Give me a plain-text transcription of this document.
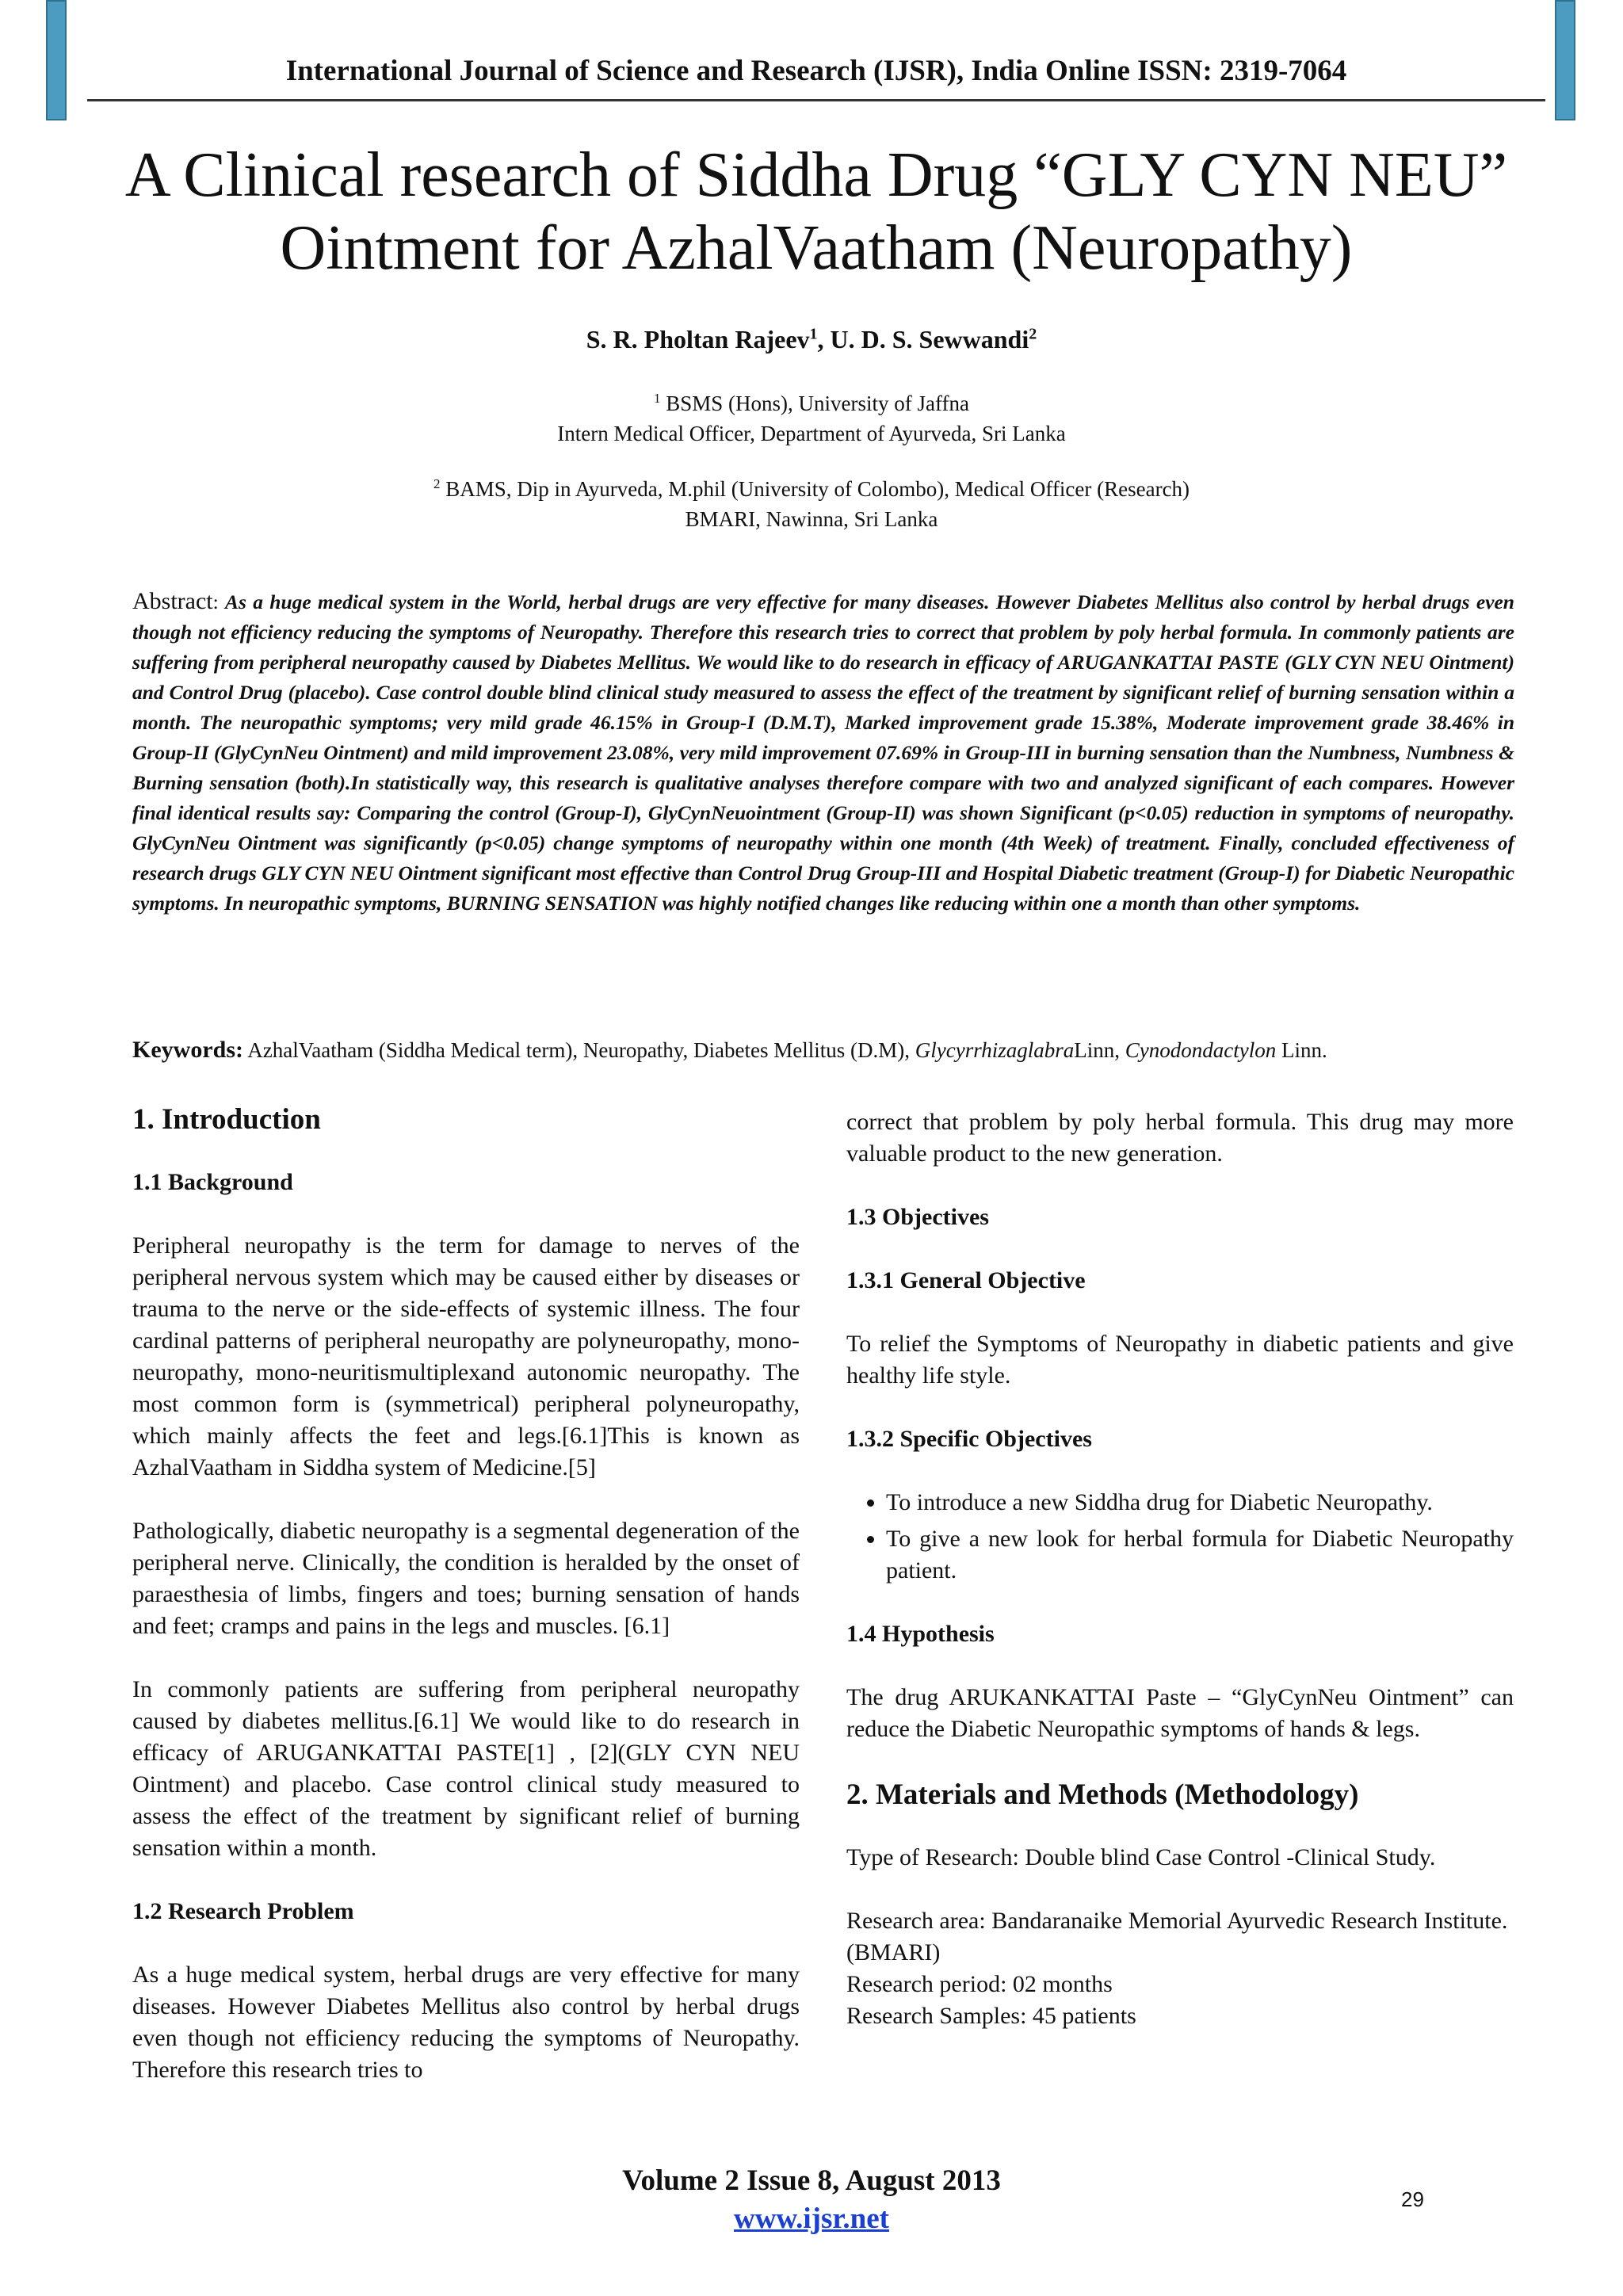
International Journal of Science and Research (IJSR), India Online ISSN: 2319-7064
A Clinical research of Siddha Drug “GLY CYN NEU” Ointment for AzhalVaatham (Neuropathy)
S. R. Pholtan Rajeev$^1$, U. D. S. Sewwandi$^2$
$^1$ BSMS (Hons), University of Jaffna
Intern Medical Officer, Department of Ayurveda, Sri Lanka
$^2$ BAMS, Dip in Ayurveda, M.phil (University of Colombo), Medical Officer (Research)
BMARI, Nawinna, Sri Lanka

Abstract: As a huge medical system in the World, herbal drugs are very effective for many diseases. However Diabetes Mellitus also control by herbal drugs even though not efficiency reducing the symptoms of Neuropathy. Therefore this research tries to correct that problem by poly herbal formula. In commonly patients are suffering from peripheral neuropathy caused by Diabetes Mellitus. We would like to do research in efficacy of ARUGANKATTAI PASTE (GLY CYN NEU Ointment) and Control Drug (placebo). Case control double blind clinical study measured to assess the effect of the treatment by significant relief of burning sensation within a month. The neuropathic symptoms; very mild grade 46.15% in Group-I (D.M.T), Marked improvement grade 15.38%, Moderate improvement grade 38.46% in Group-II (GlyCynNeu Ointment) and mild improvement 23.08%, very mild improvement 07.69% in Group-III in burning sensation than the Numbness, Numbness & Burning sensation (both).In statistically way, this research is qualitative analyses therefore compare with two and analyzed significant of each compares. However final identical results say: Comparing the control (Group-I), GlyCynNeuointment (Group-II) was shown Significant (p<0.05) reduction in symptoms of neuropathy. GlyCynNeu Ointment was significantly (p<0.05) change symptoms of neuropathy within one month (4th Week) of treatment. Finally, concluded effectiveness of research drugs GLY CYN NEU Ointment significant most effective than Control Drug Group-III and Hospital Diabetic treatment (Group-I) for Diabetic Neuropathic symptoms. In neuropathic symptoms, BURNING SENSATION was highly notified changes like reducing within one a month than other symptoms.

Keywords: AzhalVaatham (Siddha Medical term), Neuropathy, Diabetes Mellitus (D.M), GlycyrrhizaglabraLinn, Cynodondactylon Linn.
1. Introduction
1.1 Background

Peripheral neuropathy is the term for damage to nerves of the peripheral nervous system which may be caused either by diseases or trauma to the nerve or the side-effects of systemic illness. The four cardinal patterns of peripheral neuropathy are polyneuropathy, mono-neuropathy, mono-neuritismultiplexand autonomic neuropathy. The most common form is (symmetrical) peripheral polyneuropathy, which mainly affects the feet and legs.[6.1]This is known as AzhalVaatham in Siddha system of Medicine.[5]

Pathologically, diabetic neuropathy is a segmental degeneration of the peripheral nerve. Clinically, the condition is heralded by the onset of paraesthesia of limbs, fingers and toes; burning sensation of hands and feet; cramps and pains in the legs and muscles. [6.1]

In commonly patients are suffering from peripheral neuropathy caused by diabetes mellitus.[6.1] We would like to do research in efficacy of ARUGANKATTAI PASTE[1] , [2](GLY CYN NEU Ointment) and placebo. Case control clinical study measured to assess the effect of the treatment by significant relief of burning sensation within a month.

1.2 Research Problem

As a huge medical system, herbal drugs are very effective for many diseases. However Diabetes Mellitus also control by herbal drugs even though not efficiency reducing the symptoms of Neuropathy. Therefore this research tries to

correct that problem by poly herbal formula. This drug may more valuable product to the new generation.

1.3 Objectives
1.3.1 General Objective

To relief the Symptoms of Neuropathy in diabetic patients and give healthy life style.

1.3.2 Specific Objectives
• To introduce a new Siddha drug for Diabetic Neuropathy.
• To give a new look for herbal formula for Diabetic Neuropathy patient.
1.4 Hypothesis

The drug ARUKANKATTAI Paste – “GlyCynNeu Ointment” can reduce the Diabetic Neuropathic symptoms of hands & legs.

2. Materials and Methods (Methodology)

Type of Research: Double blind Case Control -Clinical Study.

Research area: Bandaranaike Memorial Ayurvedic Research Institute. (BMARI)
Research period: 02 months
Research Samples: 45 patients
Volume 2 Issue 8, August 2013
www.ijsr.net
29
